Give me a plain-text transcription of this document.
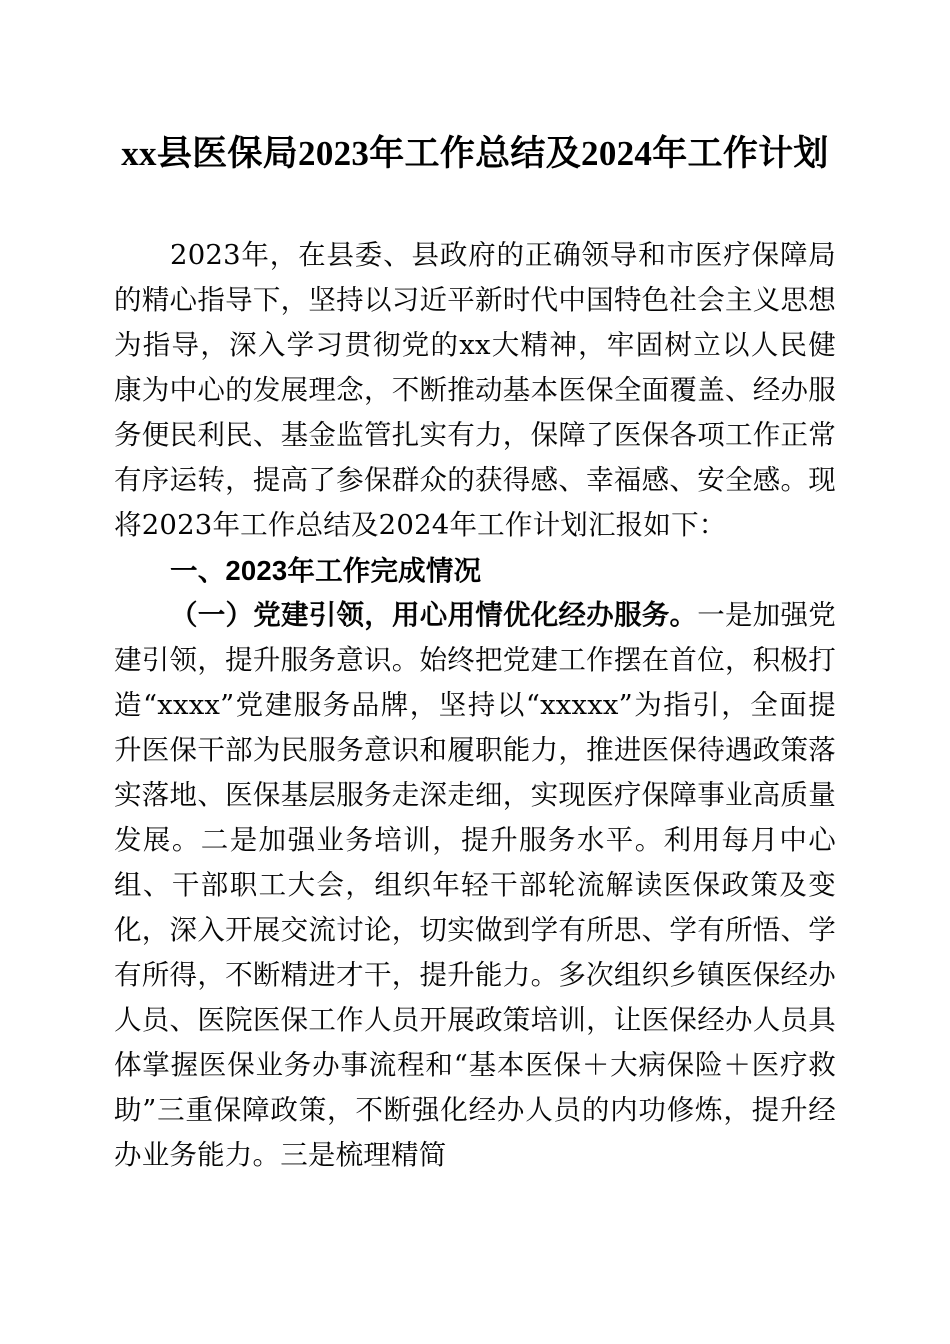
xx县医保局2023年工作总结及2024年工作计划

2023年，在县委、县政府的正确领导和市医疗保障局的精心指导下，坚持以习近平新时代中国特色社会主义思想为指导，深入学习贯彻党的xx大精神，牢固树立以人民健康为中心的发展理念，不断推动基本医保全面覆盖、经办服务便民利民、基金监管扎实有力，保障了医保各项工作正常有序运转，提高了参保群众的获得感、幸福感、安全感。现将2023年工作总结及2024年工作计划汇报如下：

一、2023年工作完成情况

（一）党建引领，用心用情优化经办服务。一是加强党建引领，提升服务意识。始终把党建工作摆在首位，积极打造“xxxx”党建服务品牌，坚持以“xxxxx”为指引，全面提升医保干部为民服务意识和履职能力，推进医保待遇政策落实落地、医保基层服务走深走细，实现医疗保障事业高质量发展。二是加强业务培训，提升服务水平。利用每月中心组、干部职工大会，组织年轻干部轮流解读医保政策及变化，深入开展交流讨论，切实做到学有所思、学有所悟、学有所得，不断精进才干，提升能力。多次组织乡镇医保经办人员、医院医保工作人员开展政策培训，让医保经办人员具体掌握医保业务办事流程和“基本医保＋大病保险＋医疗救助”三重保障政策，不断强化经办人员的内功修炼，提升经办业务能力。三是梳理精简
